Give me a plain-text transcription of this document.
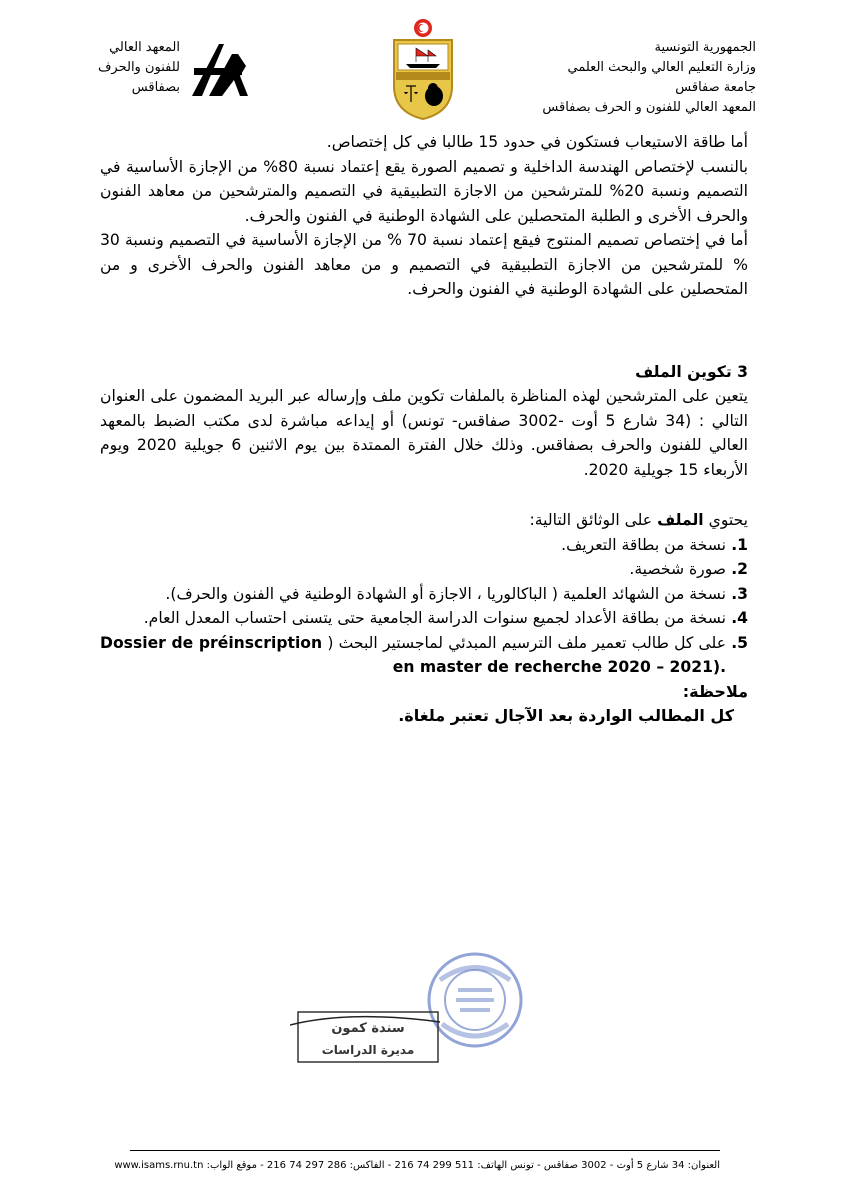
الجمهورية التونسية
وزارة التعليم العالي والبحث العلمي
جامعة صفاقس
المعهد العالي للفنون و الحرف بصفاقس
المعهد العالي
للفنون والحرف
بصفاقس

أما طاقة الاستيعاب فستكون في حدود 15 طالبا في كل إختصاص.

بالنسب لإختصاص الهندسة الداخلية و تصميم الصورة يقع إعتماد نسبة 80% من الإجازة الأساسية في التصميم ونسبة 20% للمترشحين من الاجازة التطبيقية في التصميم والمترشحين من معاهد الفنون والحرف الأخرى و الطلبة المتحصلين على الشهادة الوطنية في الفنون والحرف.

أما في إختصاص تصميم المنتوج فيقع إعتماد نسبة 70 % من الإجازة الأساسية في التصميم ونسبة 30 % للمترشحين من الاجازة التطبيقية في التصميم و من معاهد الفنون والحرف الأخرى و من المتحصلين على الشهادة الوطنية في الفنون والحرف.

3 تكوين الملف

يتعين على المترشحين لهذه المناظرة بالملفات تكوين ملف وإرساله عبر البريد المضمون على العنوان التالي : (34 شارع 5 أوت -3002 صفاقس- تونس) أو إيداعه مباشرة لدى مكتب الضبط بالمعهد العالي للفنون والحرف بصفاقس. وذلك خلال الفترة الممتدة بين يوم الاثنين 6 جويلية 2020 ويوم الأربعاء 15 جويلية 2020.

يحتوي الملف على الوثائق التالية:

1.
نسخة من بطاقة التعريف.
2.
صورة شخصية.
3.
نسخة من الشهائد العلمية ( الباكالوريا ، الاجازة أو الشهادة الوطنية في الفنون والحرف).
4.
نسخة من بطاقة الأعداد لجميع سنوات الدراسة الجامعية حتى يتسنى احتساب المعدل العام.
5.
على كل طالب تعمير ملف الترسيم المبدئي لماجستير البحث ( Dossier de préinscription en master de recherche 2020 – 2021).

ملاحظة:

كل المطالب الواردة بعد الآجال تعتبر ملغاة.

سندة كمون
مديرة الدراسات
العنوان: 34 شارع 5 أوت - 3002 صفاقس - تونس الهاتف: 511 299 74 216 - الفاكس: 286 297 74 216 - موقع الواب: www.isams.rnu.tn
